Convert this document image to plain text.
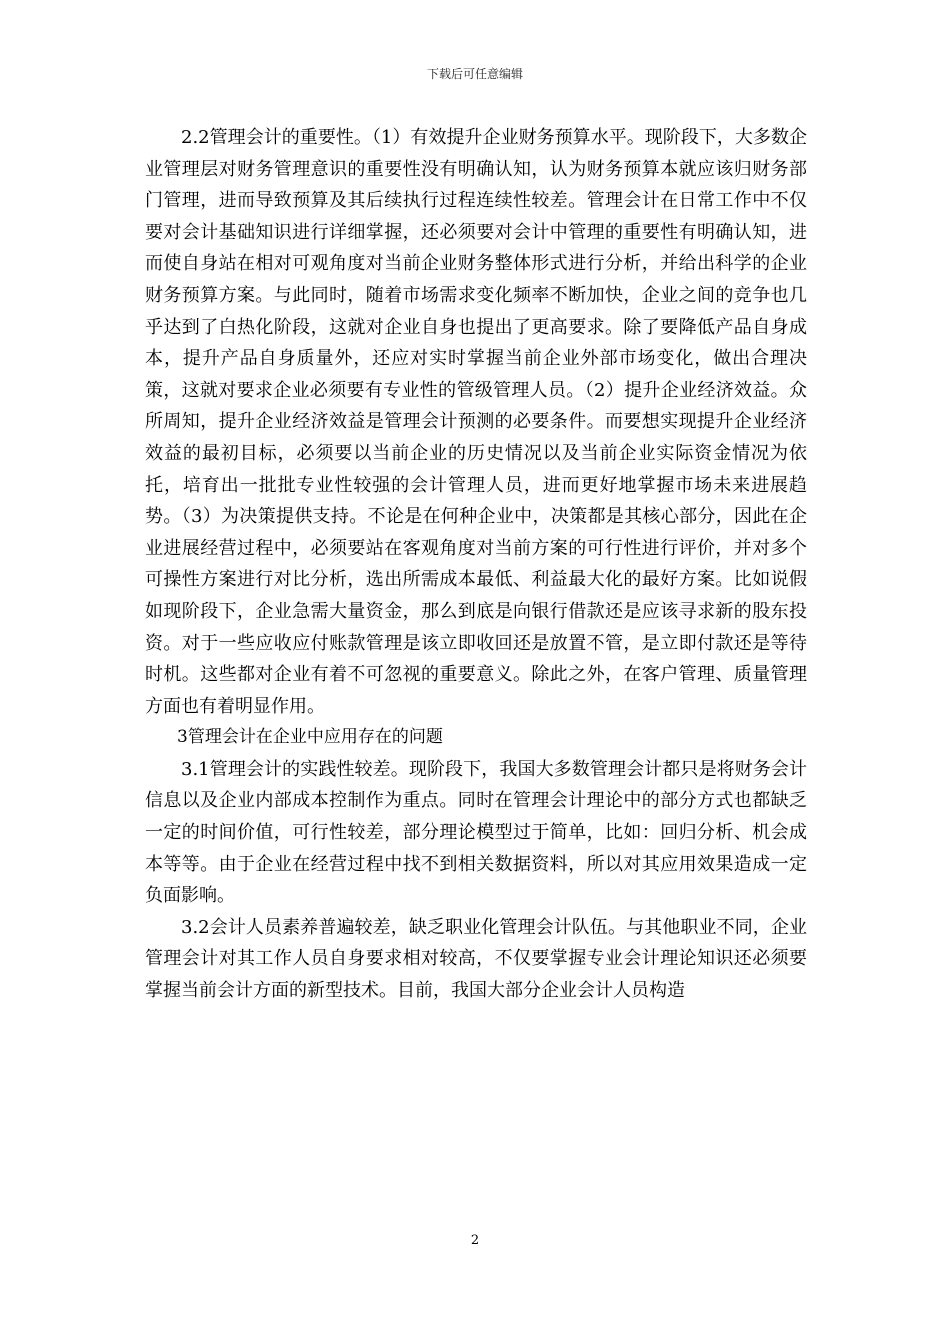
下载后可任意编辑

2.2管理会计的重要性。（1）有效提升企业财务预算水平。现阶段下，大多数企业管理层对财务管理意识的重要性没有明确认知，认为财务预算本就应该归财务部门管理，进而导致预算及其后续执行过程连续性较差。管理会计在日常工作中不仅要对会计基础知识进行详细掌握，还必须要对会计中管理的重要性有明确认知，进而使自身站在相对可观角度对当前企业财务整体形式进行分析，并给出科学的企业财务预算方案。与此同时，随着市场需求变化频率不断加快，企业之间的竞争也几乎达到了白热化阶段，这就对企业自身也提出了更高要求。除了要降低产品自身成本，提升产品自身质量外，还应对实时掌握当前企业外部市场变化，做出合理决策，这就对要求企业必须要有专业性的管级管理人员。（2）提升企业经济效益。众所周知，提升企业经济效益是管理会计预测的必要条件。而要想实现提升企业经济效益的最初目标，必须要以当前企业的历史情况以及当前企业实际资金情况为依托，培育出一批批专业性较强的会计管理人员，进而更好地掌握市场未来进展趋势。（3）为决策提供支持。不论是在何种企业中，决策都是其核心部分，因此在企业进展经营过程中，必须要站在客观角度对当前方案的可行性进行评价，并对多个可操性方案进行对比分析，选出所需成本最低、利益最大化的最好方案。比如说假如现阶段下，企业急需大量资金，那么到底是向银行借款还是应该寻求新的股东投资。对于一些应收应付账款管理是该立即收回还是放置不管，是立即付款还是等待时机。这些都对企业有着不可忽视的重要意义。除此之外，在客户管理、质量管理方面也有着明显作用。

3管理会计在企业中应用存在的问题

3.1管理会计的实践性较差。现阶段下，我国大多数管理会计都只是将财务会计信息以及企业内部成本控制作为重点。同时在管理会计理论中的部分方式也都缺乏一定的时间价值，可行性较差，部分理论模型过于简单，比如：回归分析、机会成本等等。由于企业在经营过程中找不到相关数据资料，所以对其应用效果造成一定负面影响。

3.2会计人员素养普遍较差，缺乏职业化管理会计队伍。与其他职业不同，企业管理会计对其工作人员自身要求相对较高，不仅要掌握专业会计理论知识还必须要掌握当前会计方面的新型技术。目前，我国大部分企业会计人员构造

2
